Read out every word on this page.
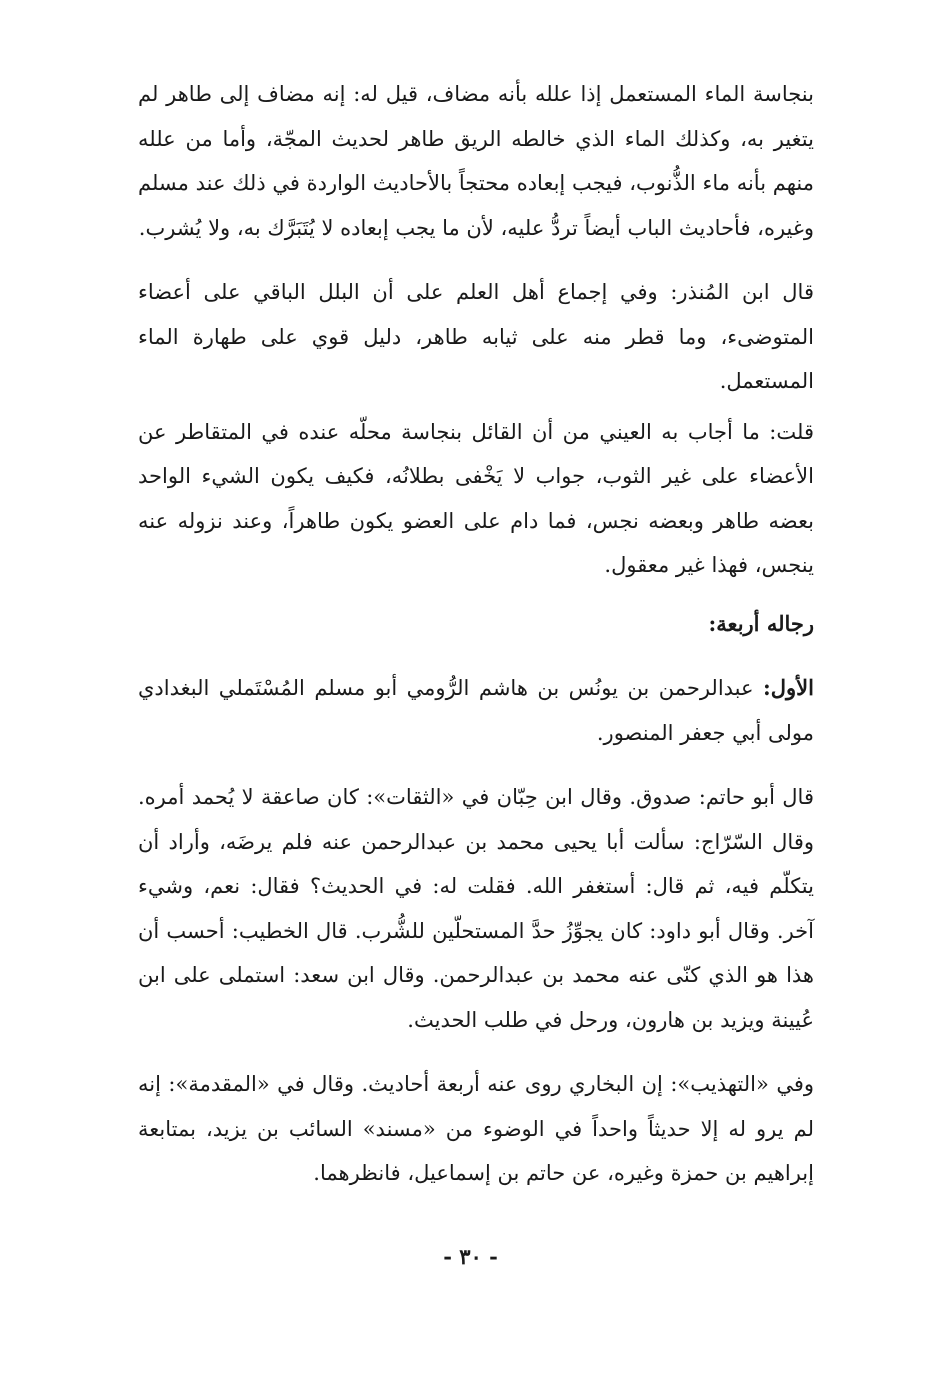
بنجاسة الماء المستعمل إذا علله بأنه مضاف، قيل له: إنه مضاف إلى طاهر لم يتغير به، وكذلك الماء الذي خالطه الريق طاهر لحديث المجّة، وأما من علله منهم بأنه ماء الذُّنوب، فيجب إبعاده محتجاً بالأحاديث الواردة في ذلك عند مسلم وغيره، فأحاديث الباب أيضاً تردُّ عليه، لأن ما يجب إبعاده لا يُتَبَرَّك به، ولا يُشرب.

قال ابن المُنذر: وفي إجماع أهل العلم على أن البلل الباقي على أعضاء المتوضىء، وما قطر منه على ثيابه طاهر، دليل قوي على طهارة الماء المستعمل.

قلت: ما أجاب به العيني من أن القائل بنجاسة محلّه عنده في المتقاطر عن الأعضاء على غير الثوب، جواب لا يَخْفى بطلانُه، فكيف يكون الشيء الواحد بعضه طاهر وبعضه نجس، فما دام على العضو يكون طاهراً، وعند نزوله عنه ينجس، فهذا غير معقول.

رجاله أربعة:

الأول: عبدالرحمن بن يونُس بن هاشم الرُّومي أبو مسلم المُسْتَملي البغدادي مولى أبي جعفر المنصور.

قال أبو حاتم: صدوق. وقال ابن حِبّان في «الثقات»: كان صاعقة لا يُحمد أمره. وقال السّرّاج: سألت أبا يحيى محمد بن عبدالرحمن عنه فلم يرضَه، وأراد أن يتكلّم فيه، ثم قال: أستغفر الله. فقلت له: في الحديث؟ فقال: نعم، وشيء آخر. وقال أبو داود: كان يجوِّزُ حدَّ المستحلّين للشُّرب. قال الخطيب: أحسب أن هذا هو الذي كنّى عنه محمد بن عبدالرحمن. وقال ابن سعد: استملى على ابن عُيينة ويزيد بن هارون، ورحل في طلب الحديث.

وفي «التهذيب»: إن البخاري روى عنه أربعة أحاديث. وقال في «المقدمة»: إنه لم يرو له إلا حديثاً واحداً في الوضوء من «مسند» السائب بن يزيد، بمتابعة إبراهيم بن حمزة وغيره، عن حاتم بن إسماعيل، فانظرهما.

- ٣٠ -
